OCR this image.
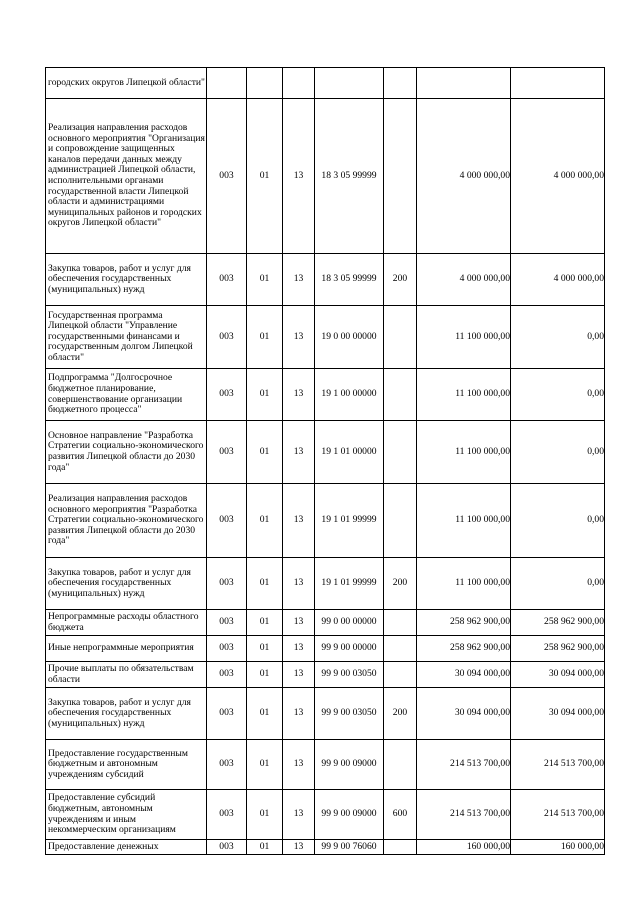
городских округов Липецкой области"							
Реализация направления расходов основного мероприятия "Организация и сопровождение защищенных каналов передачи данных между администрацией Липецкой области, исполнительными органами государственной власти Липецкой области и администрациями муниципальных районов и городских округов Липецкой области"	003	01	13	18 3 05 99999		4 000 000,00	4 000 000,00
Закупка товаров, работ и услуг для обеспечения государственных (муниципальных) нужд	003	01	13	18 3 05 99999	200	4 000 000,00	4 000 000,00
Государственная программа Липецкой области "Управление государственными финансами и государственным долгом Липецкой области"	003	01	13	19 0 00 00000		11 100 000,00	0,00
Подпрограмма "Долгосрочное бюджетное планирование, совершенствование организации бюджетного процесса"	003	01	13	19 1 00 00000		11 100 000,00	0,00
Основное направление "Разработка Стратегии социально-экономического развития Липецкой области до 2030 года"	003	01	13	19 1 01 00000		11 100 000,00	0,00
Реализация направления расходов основного мероприятия "Разработка Стратегии социально-экономического развития Липецкой области до 2030 года"	003	01	13	19 1 01 99999		11 100 000,00	0,00
Закупка товаров, работ и услуг для обеспечения государственных (муниципальных) нужд	003	01	13	19 1 01 99999	200	11 100 000,00	0,00
Непрограммные расходы областного бюджета	003	01	13	99 0 00 00000		258 962 900,00	258 962 900,00
Иные непрограммные мероприятия	003	01	13	99 9 00 00000		258 962 900,00	258 962 900,00
Прочие выплаты по обязательствам области	003	01	13	99 9 00 03050		30 094 000,00	30 094 000,00
Закупка товаров, работ и услуг для обеспечения государственных (муниципальных) нужд	003	01	13	99 9 00 03050	200	30 094 000,00	30 094 000,00
Предоставление государственным бюджетным и автономным учреждениям субсидий	003	01	13	99 9 00 09000		214 513 700,00	214 513 700,00
Предоставление субсидий бюджетным, автономным учреждениям и иным некоммерческим организациям	003	01	13	99 9 00 09000	600	214 513 700,00	214 513 700,00
Предоставление денежных	003	01	13	99 9 00 76060		160 000,00	160 000,00
